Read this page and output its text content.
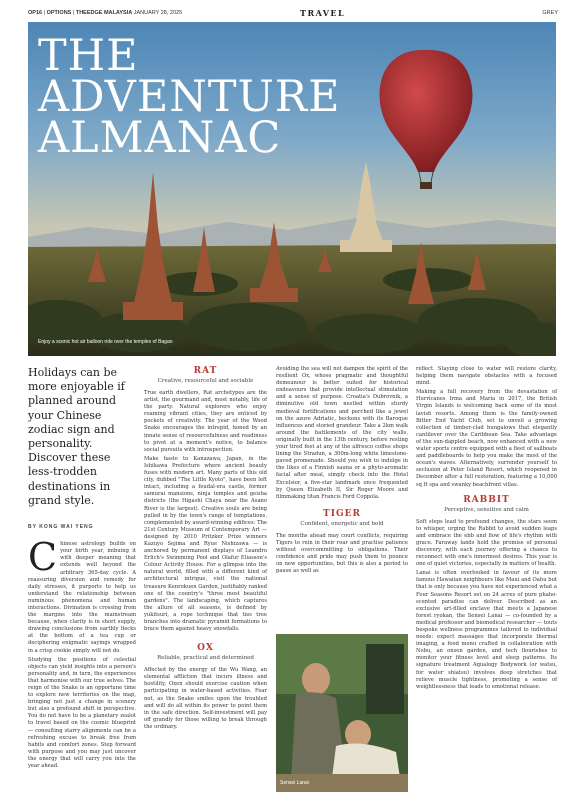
OP16 | OPTIONS | THEEDGE MALAYSIA JANUARY 28, 2025	TRAVEL	GREY
THE
ADVENTURE
ALMANAC
Enjoy a scenic hot air balloon ride over the temples of Bagan

Holidays can be more enjoyable if planned around your Chinese zodiac sign and personality. Discover these less-trodden destinations in grand style.

BY KONG WAI YENG

Chinese astrology builds on your birth year, imbuing it with deeper meaning that extends well beyond the arbitrary 365-day cycle. A reassuring diversion and remedy for daily stresses, it purports to help us understand the relationship between numinous phenomena and human interactions. Divination is crossing from the margins into the mainstream because, when clarity is in short supply, drawing conclusions from earthly flecks at the bottom of a tea cup or deciphering enigmatic sayings wrapped in a crisp cookie simply will not do.

Studying the positions of celestial objects can yield insights into a person's personality and, in turn, the experiences that harmonise with our true selves. The reign of the Snake is an opportune time to explore new territories on the map, bringing not just a change in scenery but also a profound shift in perspective. You do not have to be a planetary zealot to travel based on the cosmic blueprint — consulting starry alignments can be a refreshing excuse to break free from habits and comfort zones. Step forward with purpose and you may just uncover the energy that will carry you into the year ahead.

RAT
Creative, resourceful and sociable

True earth dwellers, Rat archetypes are the artist, the gourmand and, most notably, life of the party. Natural explorers who enjoy roaming vibrant cities, they are enticed by pockets of creativity. The year of the Wood Snake encourages the intrepid, honed by an innate sense of resourcefulness and readiness to pivot at a moment's notice, to balance social pursuits with introspection.

Make haste to Kanazawa, Japan, in the Ishikawa Prefecture where ancient beauty fuses with modern art. Many parts of this old city, dubbed "The Little Kyoto", have been left intact, including a feudal-era castle, former samurai mansions, ninja temples and geisha districts (the Higashi Chaya near the Asano River is the largest). Creative souls are being pulled in by the town's range of temptations, complemented by award-winning edifices: The 21st Century Museum of Contemporary Art — designed by 2010 Pritzker Prize winners Kazuyo Sejima and Ryue Nishizawa — is anchored by permanent displays of Leandro Erlich's Swimming Pool and Olafur Eliasson's Colour Activity House. For a glimpse into the natural world, filled with a different kind of architectural intrigue, visit the national treasure Kenrokuen Garden, justifiably ranked one of the country's "three most beautiful gardens". The landscaping, which captures the allure of all seasons, is defined by yukitsuri, a rope technique that ties tree branches into dramatic pyramid formations to brace them against heavy snowfalls.

OX
Reliable, practical and determined

Affected by the energy of the Wu Wang, an elemental affliction that incurs illness and hostility, Oxen should exercise caution when participating in water-based activities. Fear not, as the Snake smiles upon the troubled and will do all within its power to point them in the safe direction. Self-investment will pay off grandly for those willing to break through the ordinary.

Avoiding the sea will not dampen the spirit of the resilient Ox, whose pragmatic and thoughtful demeanour is better suited for historical endeavours that provide intellectual stimulation and a sense of purpose. Croatia's Dubrovnik, a diminutive old town nestled within sturdy medieval fortifications and perched like a jewel on the azure Adriatic, beckons with its Baroque influences and storied grandeur. Take a 2km walk around the battlements of the city walls, originally built in the 13th century, before resting your tired feet at any of the alfresco coffee shops lining the Stradun, a 300m-long white limestone-paved promenade. Should you wish to indulge in the likes of a Finnish sauna or a phyto-aromatic facial after meal, simply check into the Hotel Excelsior, a five-star landmark once frequented by Queen Elizabeth II, Sir Roger Moore and filmmaking titan Francis Ford Coppola.

TIGER
Confident, energetic and bold

The months ahead may court conflicts, requiring Tigers to rein in their roar and practise patience without overcommitting to obligations. Their confidence and pride may push them to pounce on new opportunities, but this is also a period to pause as well as

Sensei Lanai

reflect. Staying close to water will restore clarity, helping them navigate obstacles with a focused mind.

Making a full recovery from the devastation of Hurricanes Irma and Maria in 2017, the British Virgin Islands is welcoming back some of its most lavish resorts. Among them is the family-owned Bitter End Yacht Club, set to unveil a growing collection of timber-clad bungalows that elegantly cantilever over the Caribbean Sea. Take advantage of the sun-dappled beach, now enhanced with a new water sports centre equipped with a fleet of sailboats and paddleboards to help you make the most of the ocean's waves. Alternatively, surrender yourself to seclusion at Peter Island Resort, which reopened in December after a full restoration, featuring a 10,000 sq ft spa and swanky beachfront villas.

RABBIT
Perceptive, sensitive and calm

Soft steps lead to profound changes, the stars seem to whisper, urging the Rabbit to avoid sudden leaps and embrace the ebb and flow of life's rhythm with grace. Faraway lands hold the promise of personal discovery, with each journey offering a chance to reconnect with one's innermost desires. This year is one of quiet victories, especially in matters of health.

Lanai is often overlooked in favour of its more famous Hawaiian neighbours like Maui and Oahu but that is only because you have not experienced what a Four Seasons Resort set on 24 acres of pure phaho-scented paradise can deliver. Described as an exclusive art-filled enclave that meets a Japanese forest ryokan, the Sensei Lanai — co-founded by a medical professor and biomedical researcher — touts bespoke wellness programmes tailored to individual needs: expect massages that incorporate thermal imaging, a food menu crafted in collaboration with Nobu, an onsen garden, and tech flourishes to monitor your fitness level and sleep patterns. Its signature treatment Aqualogy Bodywork (or watsu, for water shiatsu) involves deep stretches that relieve muscle tightness, promoting a sense of weightlessness that leads to emotional release.
